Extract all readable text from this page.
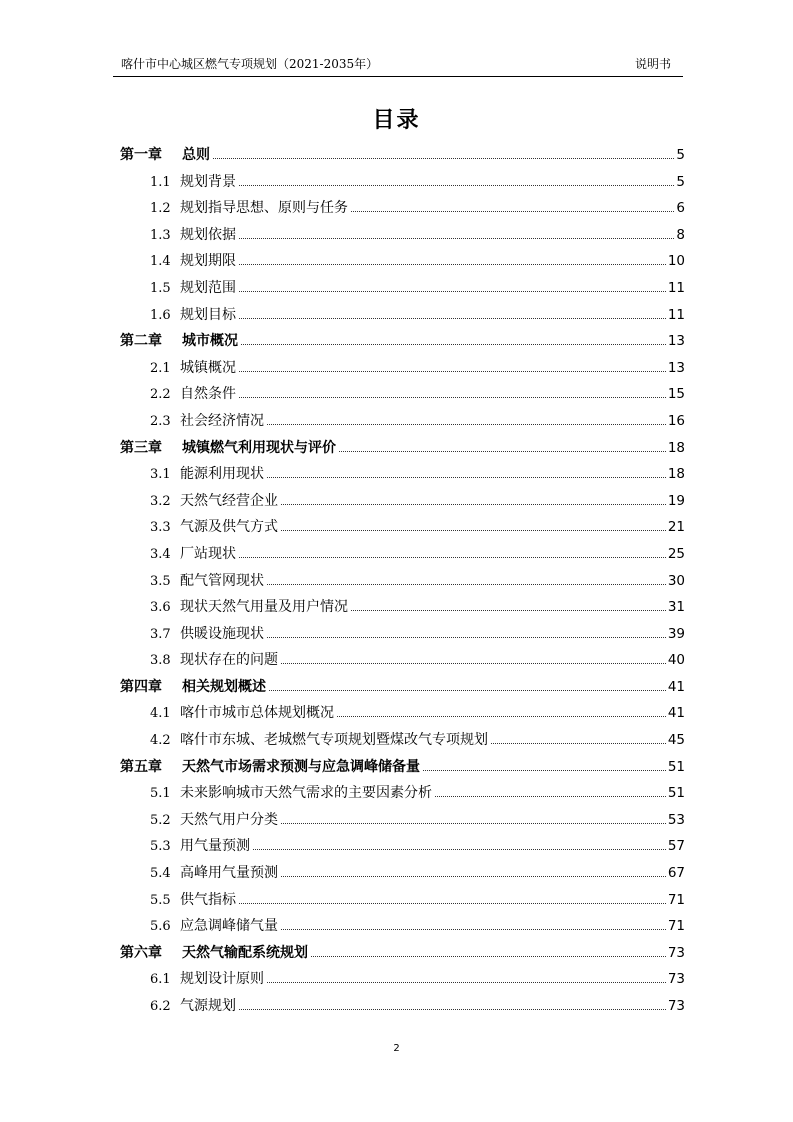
喀什市中心城区燃气专项规划（2021-2035年）	说明书
目录
第一章	总则	5
1.1 规划背景	5
1.2 规划指导思想、原则与任务	6
1.3 规划依据	8
1.4 规划期限	10
1.5 规划范围	11
1.6 规划目标	11
第二章	城市概况	13
2.1 城镇概况	13
2.2 自然条件	15
2.3 社会经济情况	16
第三章	城镇燃气利用现状与评价	18
3.1 能源利用现状	18
3.2 天然气经营企业	19
3.3 气源及供气方式	21
3.4 厂站现状	25
3.5 配气管网现状	30
3.6 现状天然气用量及用户情况	31
3.7 供暖设施现状	39
3.8 现状存在的问题	40
第四章	相关规划概述	41
4.1 喀什市城市总体规划概况	41
4.2 喀什市东城、老城燃气专项规划暨煤改气专项规划	45
第五章	天然气市场需求预测与应急调峰储备量	51
5.1 未来影响城市天然气需求的主要因素分析	51
5.2 天然气用户分类	53
5.3 用气量预测	57
5.4 高峰用气量预测	67
5.5 供气指标	71
5.6 应急调峰储气量	71
第六章	天然气输配系统规划	73
6.1 规划设计原则	73
6.2 气源规划	73
2
